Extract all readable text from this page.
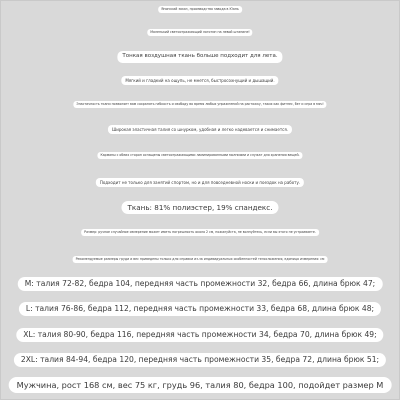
Японский заказ, производство завода в Юань
Маленький светоотражающий логотип на левой штанине!
Тонкая воздушная ткань больше подходит для лета.
Мягкий и гладкий на ощупь, не мнется, быстросохнущий и дышащий.
Эластичность ткани позволяет вам сохранять гибкость и свободу во время любых упражнений на растяжку, таких как фитнес, бег и игра в мяч!
Широкая эластичная талия со шнурком, удобная и легко надевается и снимается.
Карманы с обеих сторон оснащены светоотражающими ламинированными молниями и служат для хранения вещей.
Подходит не только для занятий спортом, но и для повседневной носки и поездок на работу.
Ткань: 81% полиэстер, 19% спандекс.
Размер: ручное случайное измерение может иметь погрешность около 2 см, пожалуйста, не волнуйтесь, если вы этого не устраиваете.
Рекомендуемые размеры груди и вес приведены только для справки из-за индивидуальных особенностей телосложения, единица измерения: см
M: талия 72-82, бедра 104, передняя часть промежности 32, бедра 66, длина брюк 47;
L: талия 76-86, бедра 112, передняя часть промежности 33, бедра 68, длина брюк 48;
XL: талия 80-90, бедра 116, передняя часть промежности 34, бедра 70, длина брюк 49;
2XL: талия 84-94, бедра 120, передняя часть промежности 35, бедра 72, длина брюк 51;
Мужчина, рост 168 см, вес 75 кг, грудь 96, талия 80, бедра 100, подойдет размер M
